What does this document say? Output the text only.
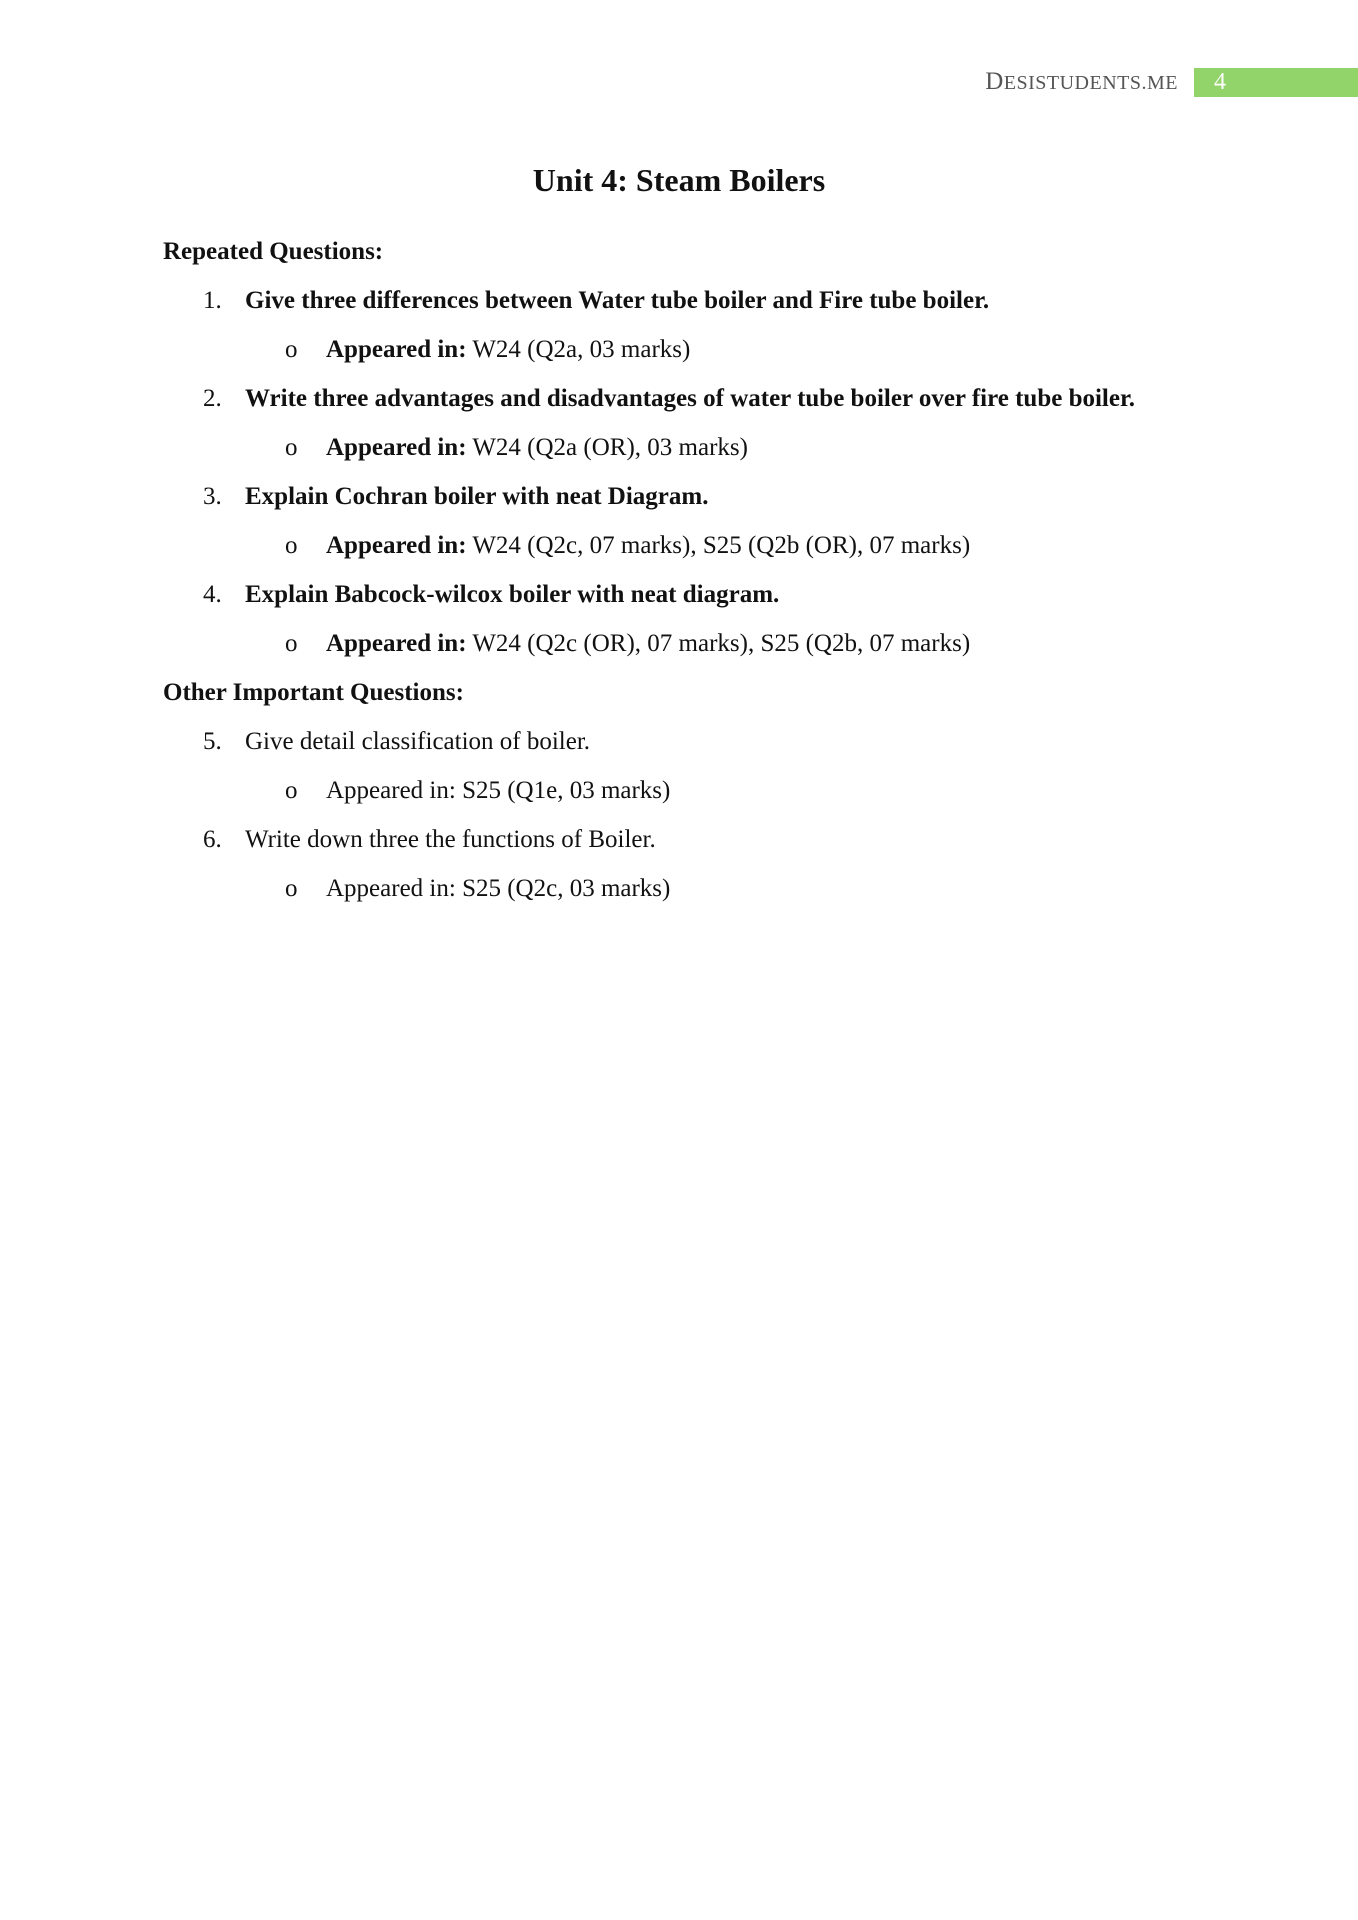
DESISTUDENTS.ME	4
Unit 4: Steam Boilers
Repeated Questions:
1. Give three differences between Water tube boiler and Fire tube boiler.
o	Appeared in: W24 (Q2a, 03 marks)
2. Write three advantages and disadvantages of water tube boiler over fire tube boiler.
o	Appeared in: W24 (Q2a (OR), 03 marks)
3. Explain Cochran boiler with neat Diagram.
o	Appeared in: W24 (Q2c, 07 marks), S25 (Q2b (OR), 07 marks)
4. Explain Babcock-wilcox boiler with neat diagram.
o	Appeared in: W24 (Q2c (OR), 07 marks), S25 (Q2b, 07 marks)
Other Important Questions:
5. Give detail classification of boiler.
o	Appeared in: S25 (Q1e, 03 marks)
6. Write down three the functions of Boiler.
o	Appeared in: S25 (Q2c, 03 marks)
